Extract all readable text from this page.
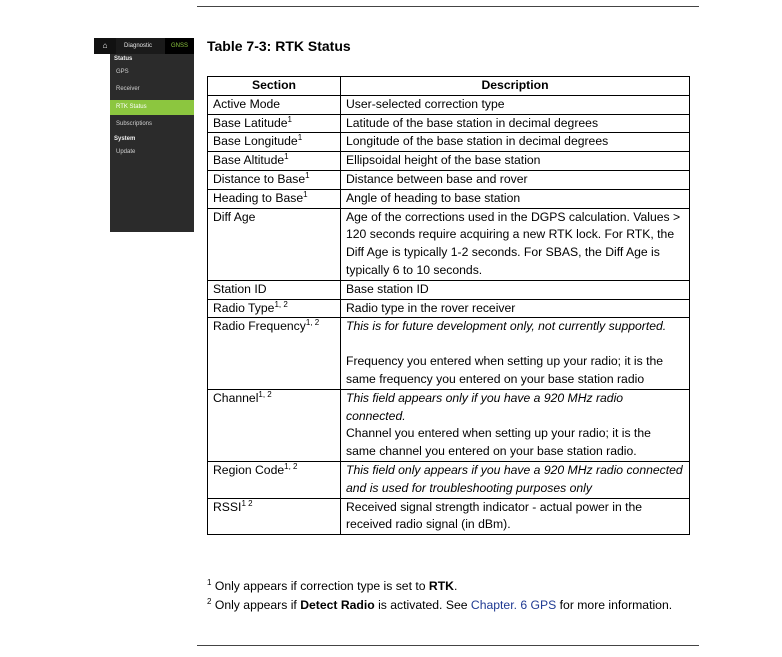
⌂	Diagnostic	GNSS
Status
GPS
Receiver
RTK Status
Subscriptions
System
Update
Table 7-3: RTK Status
Section	Description
Active Mode	User-selected correction type

Base Latitude$^1$	Latitude of the base station in decimal degrees

Base Longitude$^1$	Longitude of the base station in decimal degrees

Base Altitude$^1$	Ellipsoidal height of the base station

Distance to Base$^1$	Distance between base and rover

Heading to Base$^1$	Angle of heading to base station

Diff Age	Age of the corrections used in the DGPS calculation. Values > 120 seconds require acquiring a new RTK lock. For RTK, the Diff Age is typically 1-2 seconds. For SBAS, the Diff Age is typically 6 to 10 seconds.

Station ID	Base station ID

Radio Type$^{1, 2}$	Radio type in the rover receiver

Radio Frequency$^{1, 2}$	This is for future development only, not currently supported.
Frequency you entered when setting up your radio; it is the same frequency you entered on your base station radio

Channel$^{1, 2}$	This field appears only if you have a 920 MHz radio connected.
Channel you entered when setting up your radio; it is the same channel you entered on your base station radio.

Region Code$^{1, 2}$	This field only appears if you have a 920 MHz radio connected and is used for troubleshooting purposes only

$RSSI^{1 2}$	Received signal strength indicator - actual power in the received radio signal (in dBm).

$^1$ Only appears if correction type is set to RTK.

$^2$ Only appears if Detect Radio is activated. See Chapter. 6 GPS for more information.
